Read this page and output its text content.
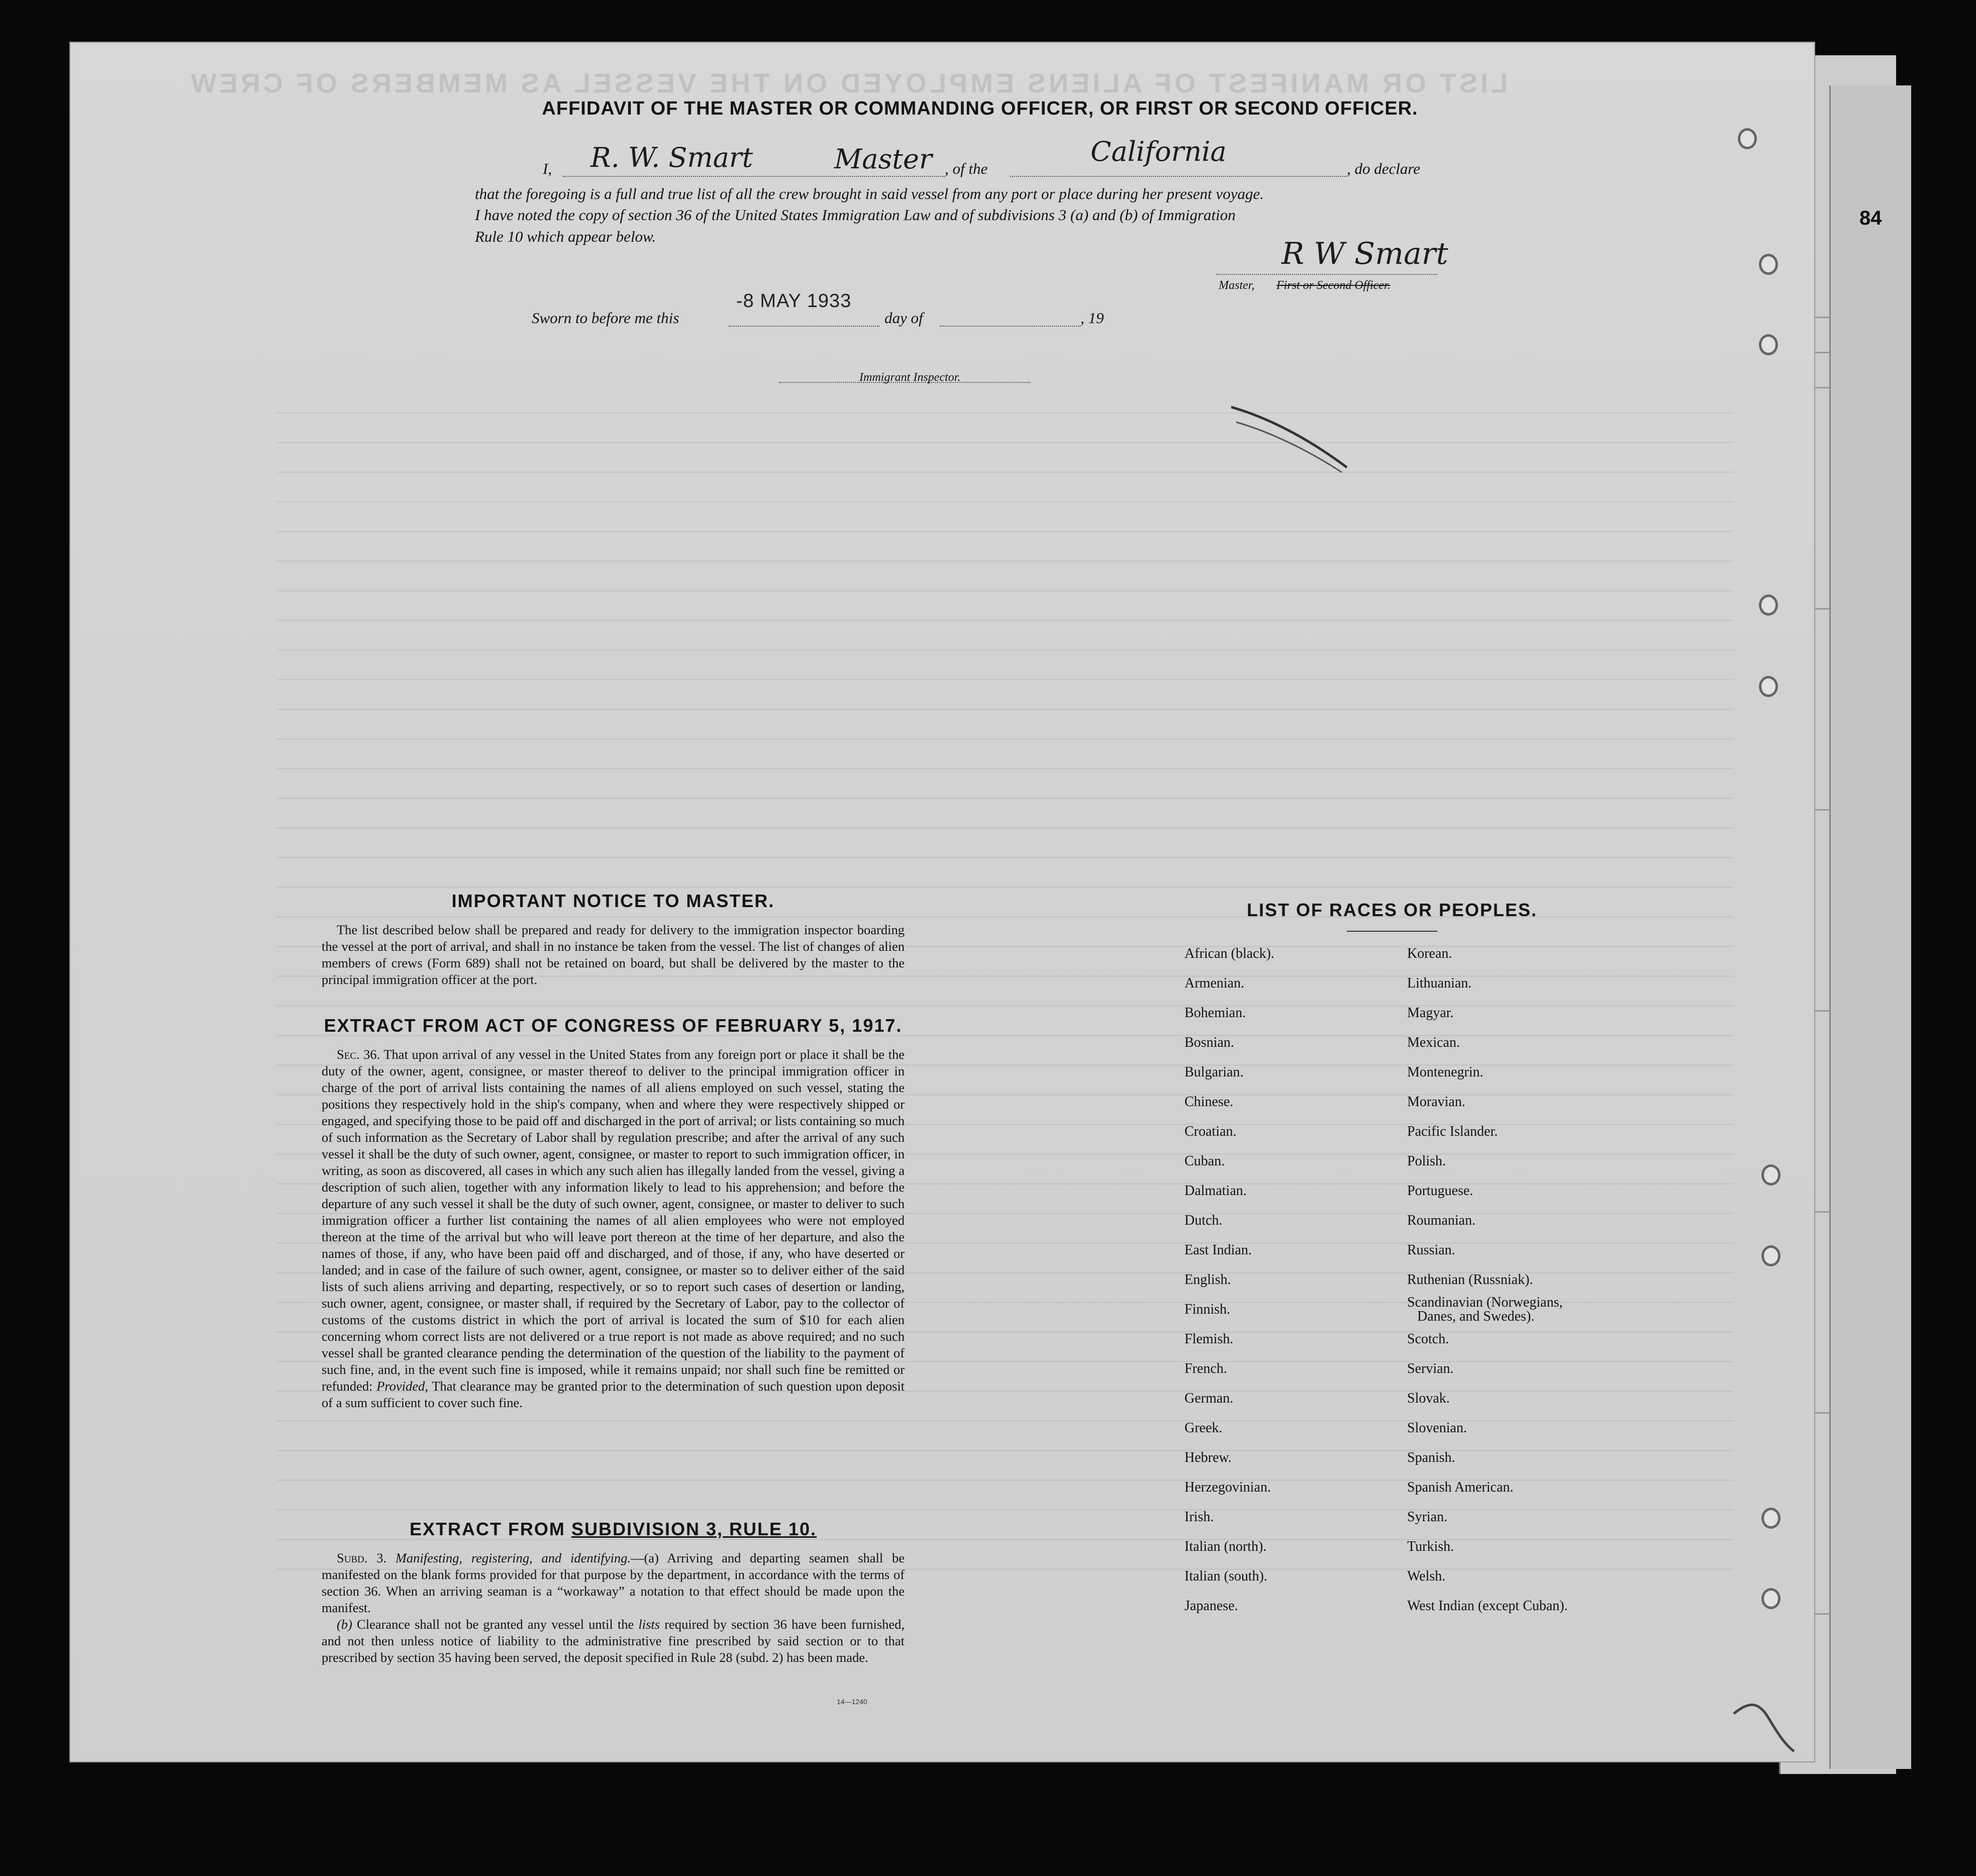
84
LIST OR MANIFEST OF ALIENS EMPLOYED ON THE VESSEL AS MEMBERS OF CREW
AFFIDAVIT OF THE MASTER OR COMMANDING OFFICER, OR FIRST OR SECOND OFFICER.
I, R. W. Smart	Master , of the
California
, do declare
that the foregoing is a full and true list of all the crew brought in said vessel from any port or place during her present voyage.
I have noted the copy of section 36 of the United States Immigration Law and of subdivisions 3 (a) and (b) of Immigration
Rule 10 which appear below.	R W Smart
Master, First or Second Officer.
Sworn to before me this
-8 MAY 1933
day of	, 19
Immigrant Inspector.
IMPORTANT NOTICE TO MASTER.

The list described below shall be prepared and ready for delivery to the immigration inspector boarding the vessel at the port of arrival, and shall in no instance be taken from the vessel. The list of changes of alien members of crews (Form 689) shall not be retained on board, but shall be delivered by the master to the principal immigration officer at the port.

EXTRACT FROM ACT OF CONGRESS OF FEBRUARY 5, 1917.

Sec. 36. That upon arrival of any vessel in the United States from any foreign port or place it shall be the duty of the owner, agent, consignee, or master thereof to deliver to the principal immigration officer in charge of the port of arrival lists containing the names of all aliens employed on such vessel, stating the positions they respectively hold in the ship's company, when and where they were respectively shipped or engaged, and specifying those to be paid off and discharged in the port of arrival; or lists containing so much of such information as the Secretary of Labor shall by regulation prescribe; and after the arrival of any such vessel it shall be the duty of such owner, agent, consignee, or master to report to such immigration officer, in writing, as soon as discovered, all cases in which any such alien has illegally landed from the vessel, giving a description of such alien, together with any information likely to lead to his apprehension; and before the departure of any such vessel it shall be the duty of such owner, agent, consignee, or master to deliver to such immigration officer a further list containing the names of all alien employees who were not employed thereon at the time of the arrival but who will leave port thereon at the time of her departure, and also the names of those, if any, who have been paid off and discharged, and of those, if any, who have deserted or landed; and in case of the failure of such owner, agent, consignee, or master so to deliver either of the said lists of such aliens arriving and departing, respectively, or so to report such cases of desertion or landing, such owner, agent, consignee, or master shall, if required by the Secretary of Labor, pay to the collector of customs of the customs district in which the port of arrival is located the sum of $10 for each alien concerning whom correct lists are not delivered or a true report is not made as above required; and no such vessel shall be granted clearance pending the determination of the question of the liability to the payment of such fine, and, in the event such fine is imposed, while it remains unpaid; nor shall such fine be remitted or refunded: Provided, That clearance may be granted prior to the determination of such question upon deposit of a sum sufficient to cover such fine.

EXTRACT FROM SUBDIVISION 3, RULE 10.

Subd. 3. Manifesting, registering, and identifying.—(a) Arriving and departing seamen shall be manifested on the blank forms provided for that purpose by the department, in accordance with the terms of section 36. When an arriving seaman is a “workaway” a notation to that effect should be made upon the manifest.

(b) Clearance shall not be granted any vessel until the lists required by section 36 have been furnished, and not then unless notice of liability to the administrative fine prescribed by said section or to that prescribed by section 35 having been served, the deposit specified in Rule 28 (subd. 2) has been made.

14—1240
LIST OF RACES OR PEOPLES.
African (black).
Armenian.
Bohemian.
Bosnian.
Bulgarian.
Chinese.
Croatian.
Cuban.
Dalmatian.
Dutch.
East Indian.
English.
Finnish.
Flemish.
French.
German.
Greek.
Hebrew.
Herzegovinian.
Irish.
Italian (north).
Italian (south).
Japanese.
Korean.
Lithuanian.
Magyar.
Mexican.
Montenegrin.
Moravian.
Pacific Islander.
Polish.
Portuguese.
Roumanian.
Russian.
Ruthenian (Russniak).
Scandinavian (Norwegians,
Danes, and Swedes).
Scotch.
Servian.
Slovak.
Slovenian.
Spanish.
Spanish American.
Syrian.
Turkish.
Welsh.
West Indian (except Cuban).
